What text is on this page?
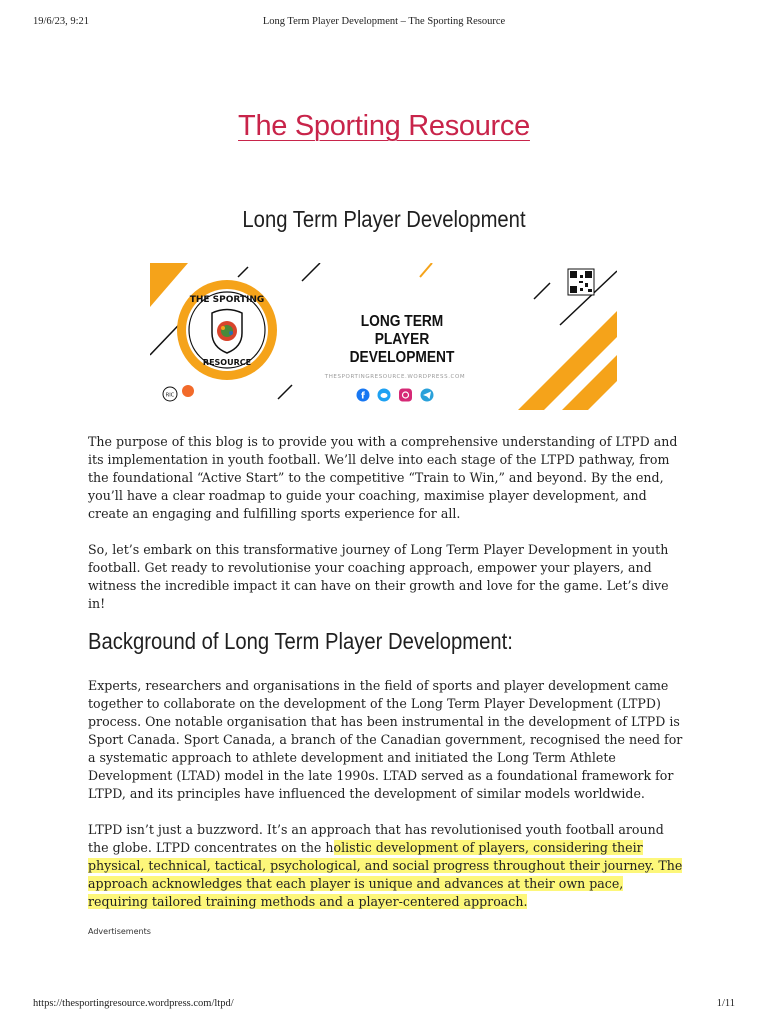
19/6/23, 9:21	Long Term Player Development – The Sporting Resource
The Sporting Resource
Long Term Player Development
THE SPORTING
RESOURCE
RIC	f
LONG TERM PLAYER DEVELOPMENT
THESPORTINGRESOURCE.WORDPRESS.COM

The purpose of this blog is to provide you with a comprehensive understanding of LTPD and its implementation in youth football. We’ll delve into each stage of the LTPD pathway, from the foundational “Active Start” to the competitive “Train to Win,” and beyond. By the end, you’ll have a clear roadmap to guide your coaching, maximise player development, and create an engaging and fulfilling sports experience for all.

So, let’s embark on this transformative journey of Long Term Player Development in youth football. Get ready to revolutionise your coaching approach, empower your players, and witness the incredible impact it can have on their growth and love for the game. Let’s dive in!

Background of Long Term Player Development:

Experts, researchers and organisations in the field of sports and player development came together to collaborate on the development of the Long Term Player Development (LTPD) process. One notable organisation that has been instrumental in the development of LTPD is Sport Canada. Sport Canada, a branch of the Canadian government, recognised the need for a systematic approach to athlete development and initiated the Long Term Athlete Development (LTAD) model in the late 1990s. LTAD served as a foundational framework for LTPD, and its principles have influenced the development of similar models worldwide.

LTPD isn’t just a buzzword. It’s an approach that has revolutionised youth football around the globe. LTPD concentrates on the holistic development of players, considering their physical, technical, tactical, psychological, and social progress throughout their journey. The approach acknowledges that each player is unique and advances at their own pace, requiring tailored training methods and a player-centered approach.

Advertisements
https://thesportingresource.wordpress.com/ltpd/	1/11
